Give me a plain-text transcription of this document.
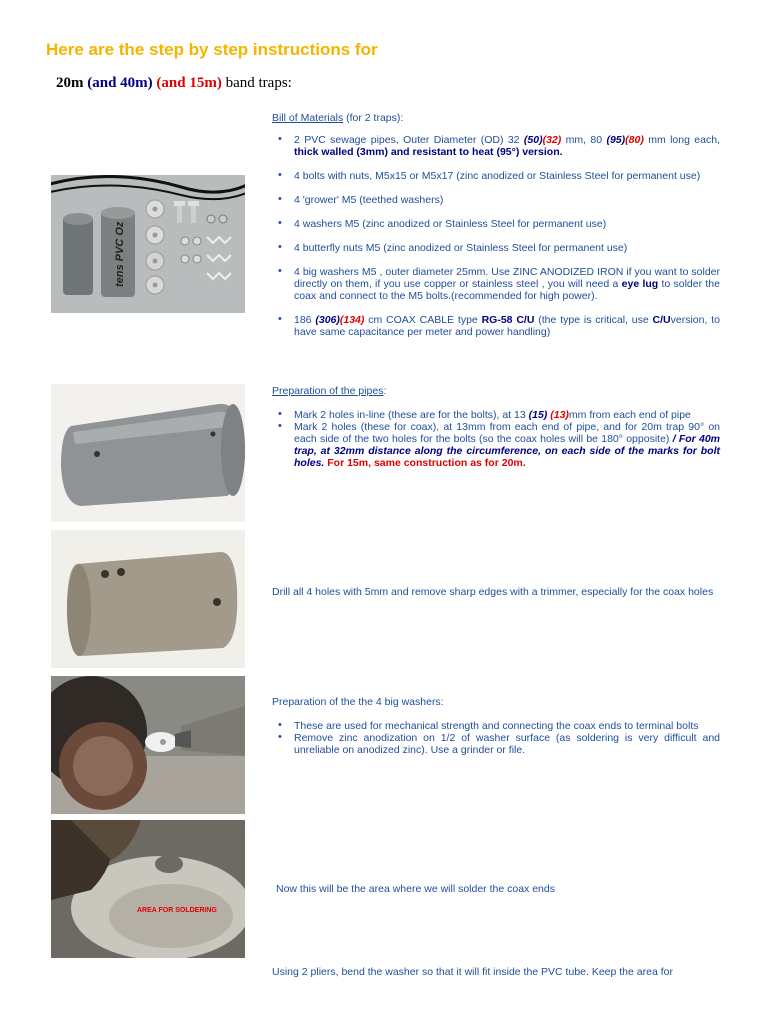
Here are the step by step instructions for

20m (and 40m) (and 15m) band traps:

tens PVC Oz
AREA FOR SOLDERING
Bill of Materials (for 2 traps):
• 2 PVC sewage pipes, Outer Diameter (OD) 32 (50)(32) mm, 80 (95)(80) mm long each, thick walled (3mm) and resistant to heat (95°) version.
• 4 bolts with nuts, M5x15 or M5x17 (zinc anodized or Stainless Steel for permanent use)
• 4 'grower' M5 (teethed washers)
• 4 washers M5 (zinc anodized or Stainless Steel for permanent use)
• 4 butterfly nuts M5 (zinc anodized or Stainless Steel for permanent use)
• 4 big washers M5 , outer diameter 25mm. Use ZINC ANODIZED IRON if you want to solder directly on them, if you use copper or stainless steel , you will need a eye lug to solder the coax and connect to the M5 bolts.(recommended for high power).
• 186 (306)(134) cm COAX CABLE type RG-58 C/U (the type is critical, use C/Uversion, to have same capacitance per meter and power handling)
Preparation of the pipes:
• Mark 2 holes in-line (these are for the bolts), at 13 (15) (13)mm from each end of pipe
• Mark 2 holes (these for coax), at 13mm from each end of pipe, and for 20m trap 90° on each side of the two holes for the bolts (so the coax holes will be 180° opposite) / For 40m trap, at 32mm distance along the circumference, on each side of the marks for bolt holes. For 15m, same construction as for 20m.
Drill all 4 holes with 5mm and remove sharp edges with a trimmer, especially for the coax holes
Preparation of the the 4 big washers:
• These are used for mechanical strength and connecting the coax ends to terminal bolts
• Remove zinc anodization on 1/2 of washer surface (as soldering is very difficult and unreliable on anodized zinc). Use a grinder or file.
Now this will be the area where we will solder the coax ends
Using 2 pliers, bend the washer so that it will fit inside the PVC tube. Keep the area for
